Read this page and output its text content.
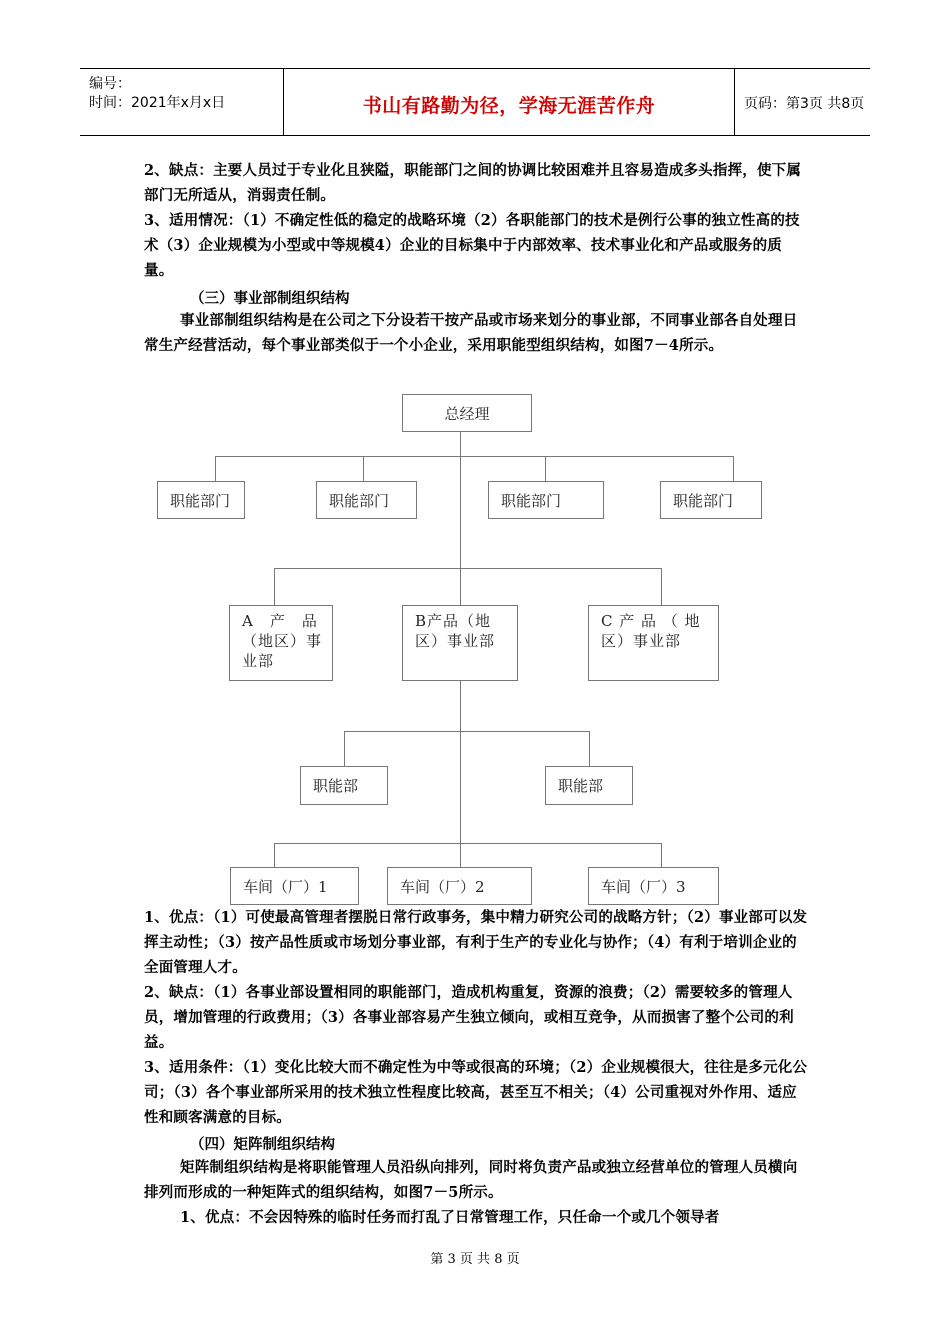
编号：
时间：2021年x月x日	书山有路勤为径，学海无涯苦作舟	页码：第3页 共8页
2、缺点：主要人员过于专业化且狭隘，职能部门之间的协调比较困难并且容易造成多头指挥，使下属部门无所适从，消弱责任制。
3、适用情况：（1）不确定性低的稳定的战略环境（2）各职能部门的技术是例行公事的独立性高的技术（3）企业规模为小型或中等规模4）企业的目标集中于内部效率、技术事业化和产品或服务的质量。
（三）事业部制组织结构
事业部制组织结构是在公司之下分设若干按产品或市场来划分的事业部，不同事业部各自处理日常生产经营活动，每个事业部类似于一个小企业，采用职能型组织结构，如图7－4所示。
总经理
职能部门	职能部门	职能部门	职能部门
A　产　品（地区）事业部
B产品（地区）事业部
C 产 品 （ 地区）事业部
职能部	职能部
车间（厂）1	车间（厂）2	车间（厂）3
1、优点：（1）可使最高管理者摆脱日常行政事务，集中精力研究公司的战略方针；（2）事业部可以发挥主动性；（3）按产品性质或市场划分事业部，有利于生产的专业化与协作；（4）有利于培训企业的全面管理人才。
2、缺点：（1）各事业部设置相同的职能部门，造成机构重复，资源的浪费；（2）需要较多的管理人员，增加管理的行政费用；（3）各事业部容易产生独立倾向，或相互竞争，从而损害了整个公司的利益。
3、适用条件：（1）变化比较大而不确定性为中等或很高的环境；（2）企业规模很大，往往是多元化公司；（3）各个事业部所采用的技术独立性程度比较高，甚至互不相关；（4）公司重视对外作用、适应性和顾客满意的目标。
（四）矩阵制组织结构
矩阵制组织结构是将职能管理人员沿纵向排列，同时将负责产品或独立经营单位的管理人员横向排列而形成的一种矩阵式的组织结构，如图7－5所示。
1、优点：不会因特殊的临时任务而打乱了日常管理工作，只任命一个或几个领导者
第 3 页 共 8 页
